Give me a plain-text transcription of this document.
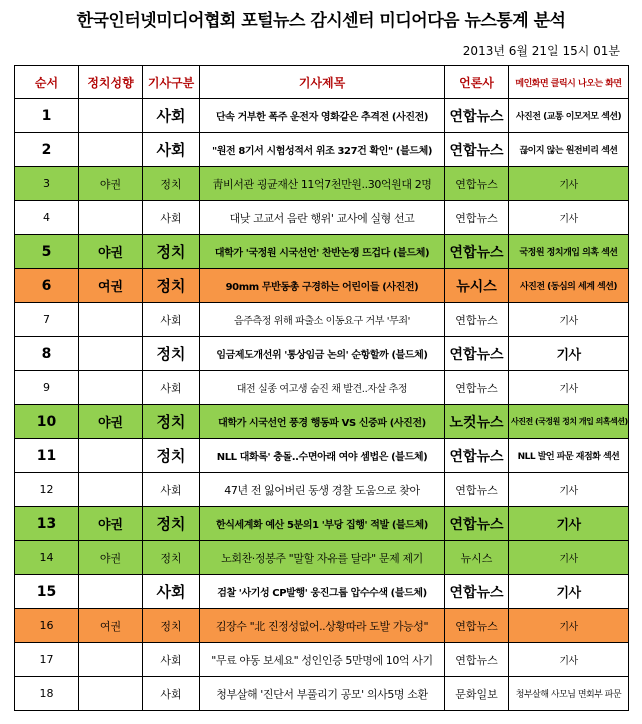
한국인터넷미디어협회 포털뉴스 감시센터 미디어다음 뉴스통계 분석
2013년 6월 21일 15시 01분
순서	정치성향	기사구분	기사제목	언론사	메인화면 클릭시 나오는 화면
1		사회	단속 거부한 폭주 운전자 영화같은 추격전 (사진전)	연합뉴스	사진전 (교통 이모저모 섹션)
2		사회	"원전 8기서 시험성적서 위조 327건 확인" (블드체)	연합뉴스	끊이지 않는 원전비리 섹션
3	야권	정치	靑비서관 굉균재산 11억7천만원..30억원대 2명	연합뉴스	기사
4		사회	대낮 고교서 음란 행위' 교사에 실형 선고	연합뉴스	기사
5	야권	정치	대학가 '국정원 시국선언' 찬반논쟁 뜨겁다 (블드체)	연합뉴스	국정원 정치개입 의혹 섹션
6	여권	정치	90mm 무반동총 구경하는 어린이들 (사진전)	뉴시스	사진전 (동심의 세계 섹션)
7		사회	음주측정 위해 파출소 이동요구 거부 '무죄'	연합뉴스	기사
8		정치	임금제도개선위 '통상임금 논의' 순항할까 (블드체)	연합뉴스	기사
9		사회	대전 실종 여고생 숨진 채 발견..자살 추정	연합뉴스	기사
10	야권	정치	대학가 시국선언 풍경 행동파 VS 신중파 (사진전)	노컷뉴스	사진전 (국정원 정치 개입 의혹섹션)
11		정치	NLL 대화록' 충돌..수면아래 여야 셈법은 (블드체)	연합뉴스	NLL 발언 파문 재점화 섹션
12		사회	47년 전 잃어버린 동생 경찰 도움으로 찾아	연합뉴스	기사
13	야권	정치	한식세계화 예산 5분의1 '부당 집행' 적발 (블드체)	연합뉴스	기사
14	야권	정치	노회찬·정봉주 "말할 자유를 달라" 문제 제기	뉴시스	기사
15		사회	검찰 '사기성 CP발행' 웅진그룹 압수수색 (블드체)	연합뉴스	기사
16	여권	정치	김장수 "北 진정성없어..상황따라 도발 가능성"	연합뉴스	기사
17		사회	"무료 야동 보세요" 성인인증 5만명에 10억 사기	연합뉴스	기사
18		사회	청부살해 '진단서 부풀리기 공모' 의사5명 소환	문화일보	청부살해 사모님 면회부 파문
